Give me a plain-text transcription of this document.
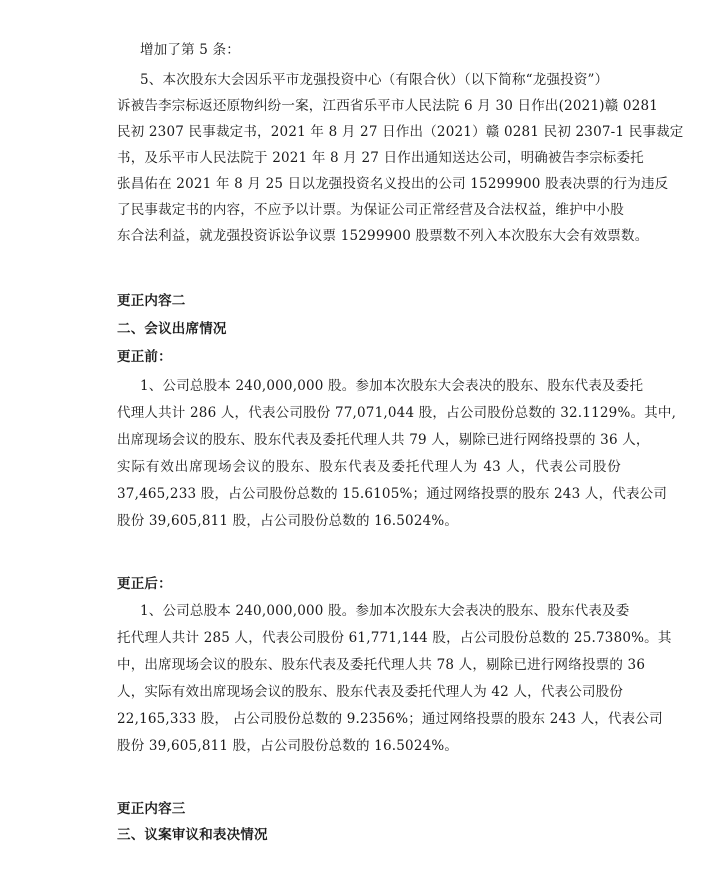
增加了第 5 条：
5、本次股东大会因乐平市龙强投资中心（有限合伙）（以下简称“龙强投资”）
诉被告李宗标返还原物纠纷一案，江西省乐平市人民法院 6 月 30 日作出(2021)赣 0281
民初 2307 民事裁定书，2021 年 8 月 27 日作出（2021）赣 0281 民初 2307-1 民事裁定
书，及乐平市人民法院于 2021 年 8 月 27 日作出通知送达公司，明确被告李宗标委托
张昌佑在 2021 年 8 月 25 日以龙强投资名义投出的公司 15299900 股表决票的行为违反
了民事裁定书的内容，不应予以计票。为保证公司正常经营及合法权益，维护中小股
东合法利益，就龙强投资诉讼争议票 15299900 股票数不列入本次股东大会有效票数。
更正内容二
二、会议出席情况
更正前：
1、公司总股本 240,000,000 股。参加本次股东大会表决的股东、股东代表及委托
代理人共计 286 人，代表公司股份 77,071,044 股，占公司股份总数的 32.1129%。其中,
出席现场会议的股东、股东代表及委托代理人共 79 人，剔除已进行网络投票的 36 人，
实际有效出席现场会议的股东、股东代表及委托代理人为 43 人，代表公司股份
37,465,233 股，占公司股份总数的 15.6105%；通过网络投票的股东 243 人，代表公司
股份 39,605,811 股，占公司股份总数的 16.5024%。
更正后：
1、公司总股本 240,000,000 股。参加本次股东大会表决的股东、股东代表及委
托代理人共计 285 人，代表公司股份 61,771,144 股，占公司股份总数的 25.7380%。其
中，出席现场会议的股东、股东代表及委托代理人共 78 人，剔除已进行网络投票的 36
人，实际有效出席现场会议的股东、股东代表及委托代理人为 42 人，代表公司股份
22,165,333 股， 占公司股份总数的 9.2356%；通过网络投票的股东 243 人，代表公司
股份 39,605,811 股，占公司股份总数的 16.5024%。
更正内容三
三、议案审议和表决情况
